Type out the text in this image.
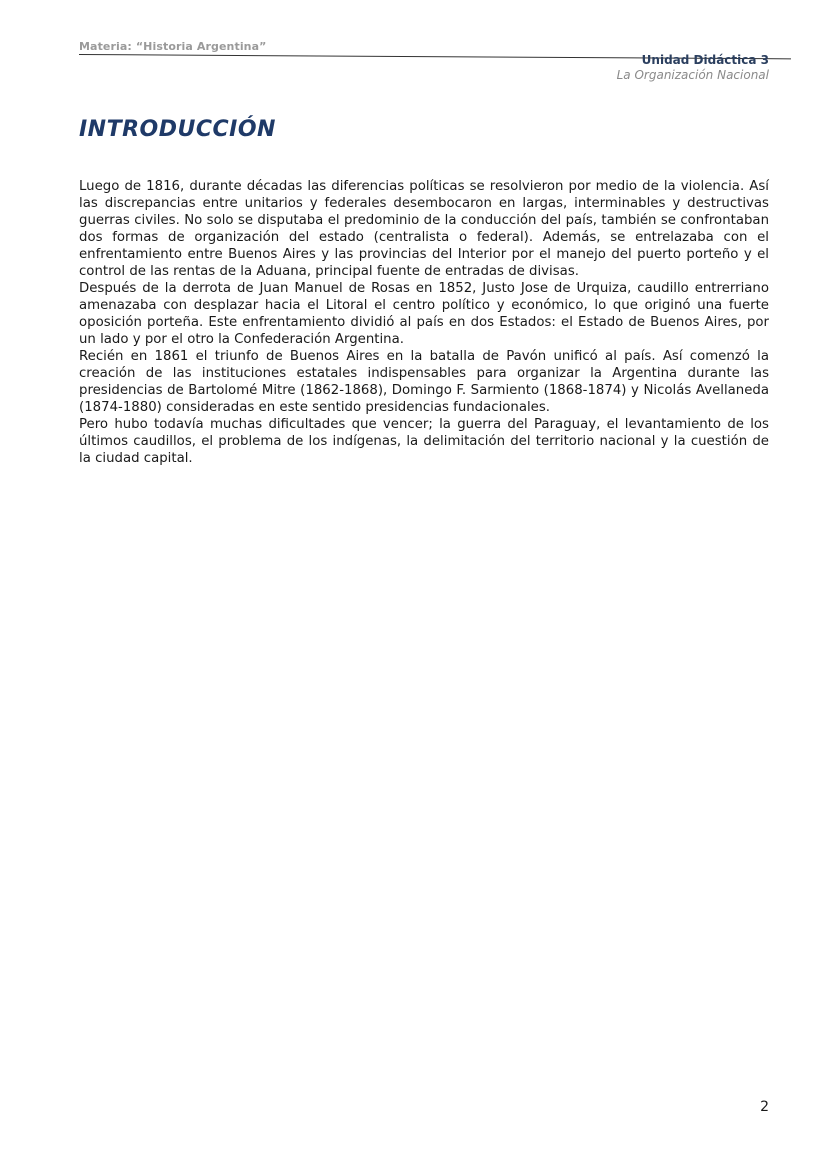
Materia: “Historia Argentina”
Unidad Didáctica 3
La Organización Nacional
INTRODUCCIÓN

Luego de 1816, durante décadas las diferencias políticas se resolvieron por medio de la violencia. Así las discrepancias entre unitarios y federales desembocaron en largas, interminables y destructivas guerras civiles. No solo se disputaba el predominio de la conducción del país, también se confrontaban dos formas de organización del estado (centralista o federal). Además, se entrelazaba con el enfrentamiento entre Buenos Aires y las provincias del Interior por el manejo del puerto porteño y el control de las rentas de la Aduana, principal fuente de entradas de divisas.

Después de la derrota de Juan Manuel de Rosas en 1852, Justo Jose de Urquiza, caudillo entrerriano amenazaba con desplazar hacia el Litoral el centro político y económico, lo que originó una fuerte oposición porteña. Este enfrentamiento dividió al país en dos Estados: el Estado de Buenos Aires, por un lado y por el otro la Confederación Argentina.

Recién en 1861 el triunfo de Buenos Aires en la batalla de Pavón unificó al país. Así comenzó la creación de las instituciones estatales indispensables para organizar la Argentina durante las presidencias de Bartolomé Mitre (1862-1868), Domingo F. Sarmiento (1868-1874) y Nicolás Avellaneda (1874-1880) consideradas en este sentido presidencias fundacionales.

Pero hubo todavía muchas dificultades que vencer; la guerra del Paraguay, el levantamiento de los últimos caudillos, el problema de los indígenas, la delimitación del territorio nacional y la cuestión de la ciudad capital.

2
